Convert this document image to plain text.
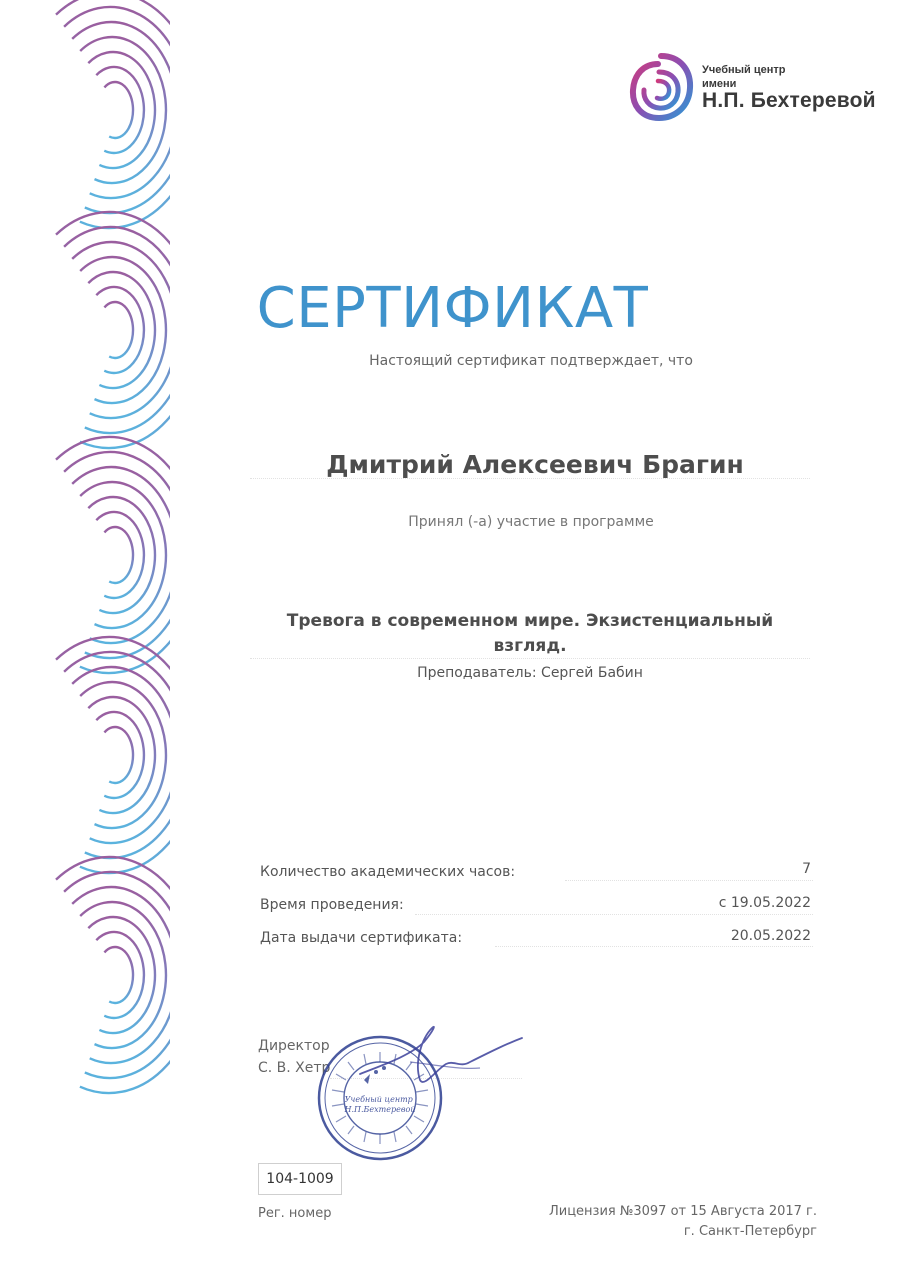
Учебный центр
имени
Н.П. Бехтеревой
СЕРТИФИКАТ
Настоящий сертификат подтверждает, что
Дмитрий Алексеевич Брагин
Принял (-а) участие в программе
Тревога в современном мире. Экзистенциальный взгляд.
Преподаватель: Сергей Бабин
Количество академических часов:	7
Время проведения:	с 19.05.2022
Дата выдачи сертификата:	20.05.2022
Директор
С. В. Хетр
Учебный центр Н.П.Бехтеревой
104-1009
Рег. номер	Лицензия №3097 от 15 Августа 2017 г.
г. Санкт-Петербург
